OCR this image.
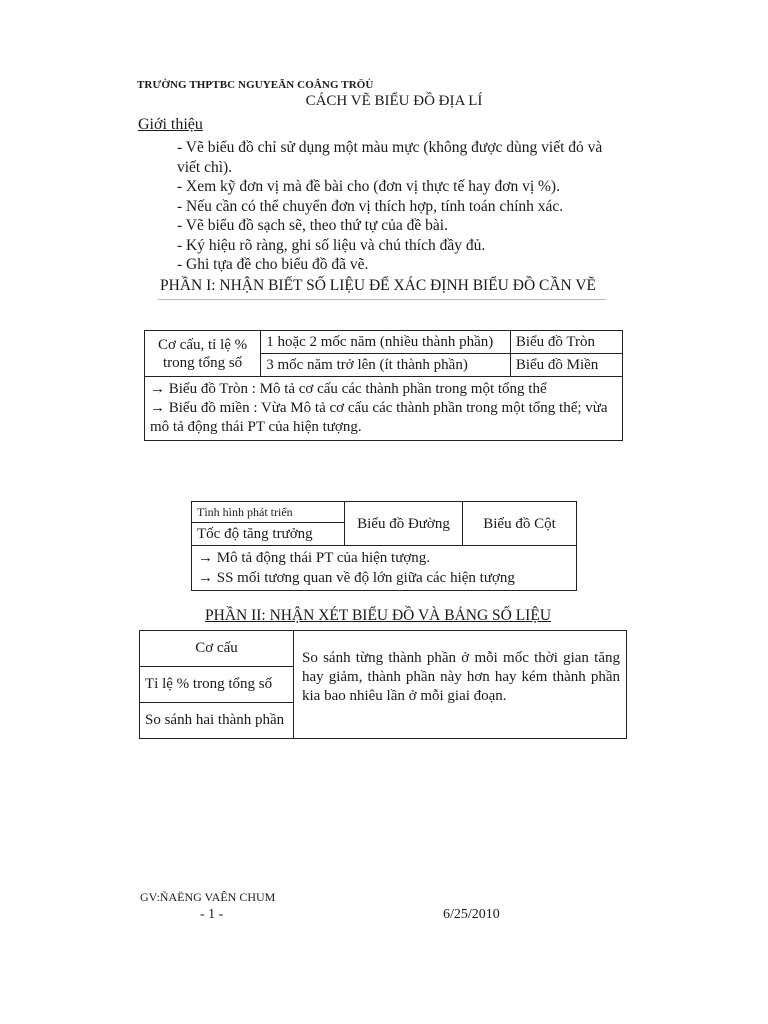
TRƯỜNG THPTBC NGUYEÃN COÂNG TRÖÙ
CÁCH VẼ BIỂU ĐỒ ĐỊA LÍ
Giới thiệu
- Vẽ biểu đồ chỉ sử dụng một màu mực (không được dùng viết đỏ và
viết chì).
- Xem kỹ đơn vị mà đề bài cho (đơn vị thực tế hay đơn vị %).
- Nếu cần có thể chuyển đơn vị thích hợp, tính toán chính xác.
- Vẽ biểu đồ sạch sẽ, theo thứ tự của đề bài.
- Ký hiệu rõ ràng, ghi số liệu và chú thích đầy đủ.
- Ghi tựa đề cho biểu đồ đã vẽ.
PHẦN I: NHẬN BIẾT SỐ LIỆU ĐỂ XÁC ĐỊNH BIỂU ĐỒ CẦN VẼ
Cơ cấu, tỉ lệ % trong tổng số	1 hoặc 2 mốc năm (nhiều thành phần)	Biểu đồ Tròn
	3 mốc năm trở lên (ít thành phần)	Biểu đồ Miền

→ Biểu đồ Tròn : Mô tả cơ cấu các thành phần trong một tổng thể
→ Biểu đồ miền : Vừa Mô tả cơ cấu các thành phần trong một tổng thể; vừa mô tả động thái PT của hiện tượng.		
Tình hình phát triển	Biểu đồ Đường	Biểu đồ Cột
Tốc độ tăng trưởng

→ Mô tả động thái PT của hiện tượng.
→ SS mối tương quan về độ lớn giữa các hiện tượng
PHẦN II: NHẬN XÉT BIỂU ĐỒ VÀ BẢNG SỐ LIỆU
Cơ cấu	So sánh từng thành phần ở mỗi mốc thời gian tăng hay giảm, thành phần này hơn hay kém thành phần kia bao nhiêu lần ở mỗi giai đoạn.
Tỉ lệ % trong tổng số
So sánh hai thành phần
GV:ÑAËNG VAÊN CHUM
- 1 -	6/25/2010
